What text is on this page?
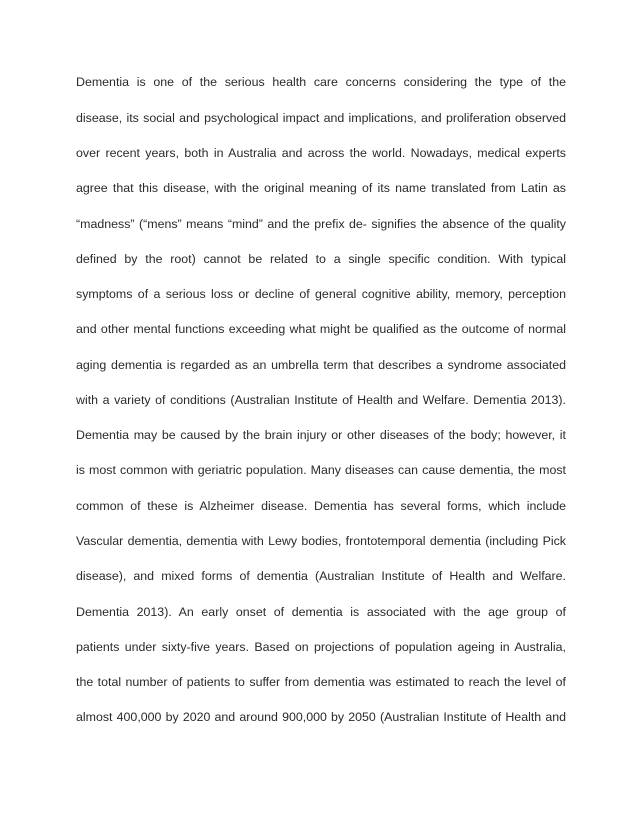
Dementia is one of the serious health care concerns considering the type of the
disease, its social and psychological impact and implications, and proliferation observed
over recent years, both in Australia and across the world. Nowadays, medical experts
agree that this disease, with the original meaning of its name translated from Latin as
“madness” (“mens” means “mind” and the prefix de- signifies the absence of the quality
defined by the root) cannot be related to a single specific condition. With typical
symptoms of a serious loss or decline of general cognitive ability, memory, perception
and other mental functions exceeding what might be qualified as the outcome of normal
aging dementia is regarded as an umbrella term that describes a syndrome associated
with a variety of conditions (Australian Institute of Health and Welfare. Dementia 2013).
Dementia may be caused by the brain injury or other diseases of the body; however, it
is most common with geriatric population. Many diseases can cause dementia, the most
common of these is Alzheimer disease. Dementia has several forms, which include
Vascular dementia, dementia with Lewy bodies, frontotemporal dementia (including Pick
disease), and mixed forms of dementia (Australian Institute of Health and Welfare.
Dementia 2013). An early onset of dementia is associated with the age group of
patients under sixty-five years. Based on projections of population ageing in Australia,
the total number of patients to suffer from dementia was estimated to reach the level of
almost 400,000 by 2020 and around 900,000 by 2050 (Australian Institute of Health and
